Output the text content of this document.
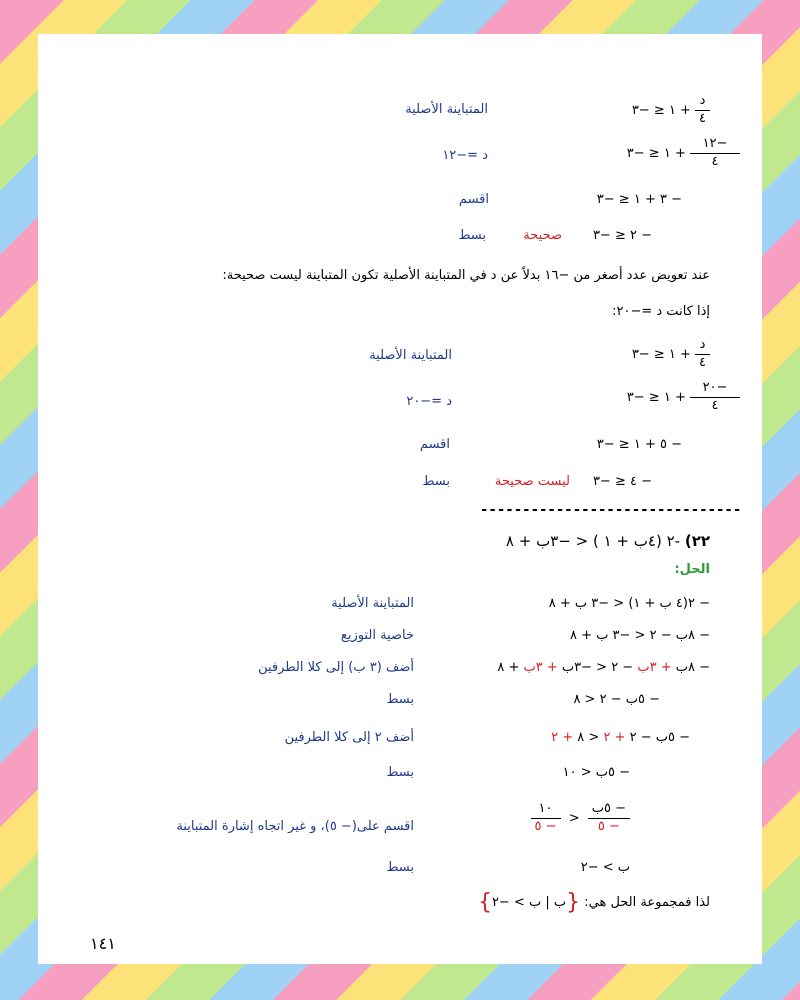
$\frac{\text{د}}{٤}$
+ ١ ≤ −٣
المتباينة الأصلية
$\frac{-١٢}{٤}$
+ ١ ≤ −٣
د =−١٢
− ٣ + ١ ≤ −٣
اقسم
− ٢ ≤ −٣
صحيحة
بسط
عند تعويض عدد أصغر من −١٦ بدلاً عن د في المتباينة الأصلية تكون المتباينة ليست صحيحة:
إذا كانت د =−٢٠:
$\frac{\text{د}}{٤}$
+ ١ ≤ −٣
المتباينة الأصلية
$\frac{-٢٠}{٤}$
+ ١ ≤ −٣
د =−٢٠
− ٥ + ١ ≤ −٣
اقسم
− ٤ ≤ −٣
ليست صحيحة
بسط
-------------------------------
٢٢) -٢ (٤ب + ١ ) < −٣ب + ٨
الحل:
− ٢(٤ ب + ١) < −٣ ب + ٨
المتباينة الأصلية
− ٨ب − ٢ < −٣ ب + ٨
خاصية التوزيع
− ٨ب + ٣ب − ٢ < −٣ب + ٣ب + ٨
أضف (٣ ب) إلى كلا الطرفين
− ٥ب − ٢ < ٨
بسط
− ٥ب − ٢ + ٢ < ٨ + ٢
أضف ٢ إلى كلا الطرفين
− ٥ب < ١٠
بسط
$\frac{\text{− ٥ب}}{- ٥}$
<
$\frac{١٠}{- ٥}$
اقسم على(− ٥)، و غير اتجاه إشارة المتباينة
ب > −٢
بسط
لذا فمجموعة الحل هي: {ب | ب > −٢}
١٤١
